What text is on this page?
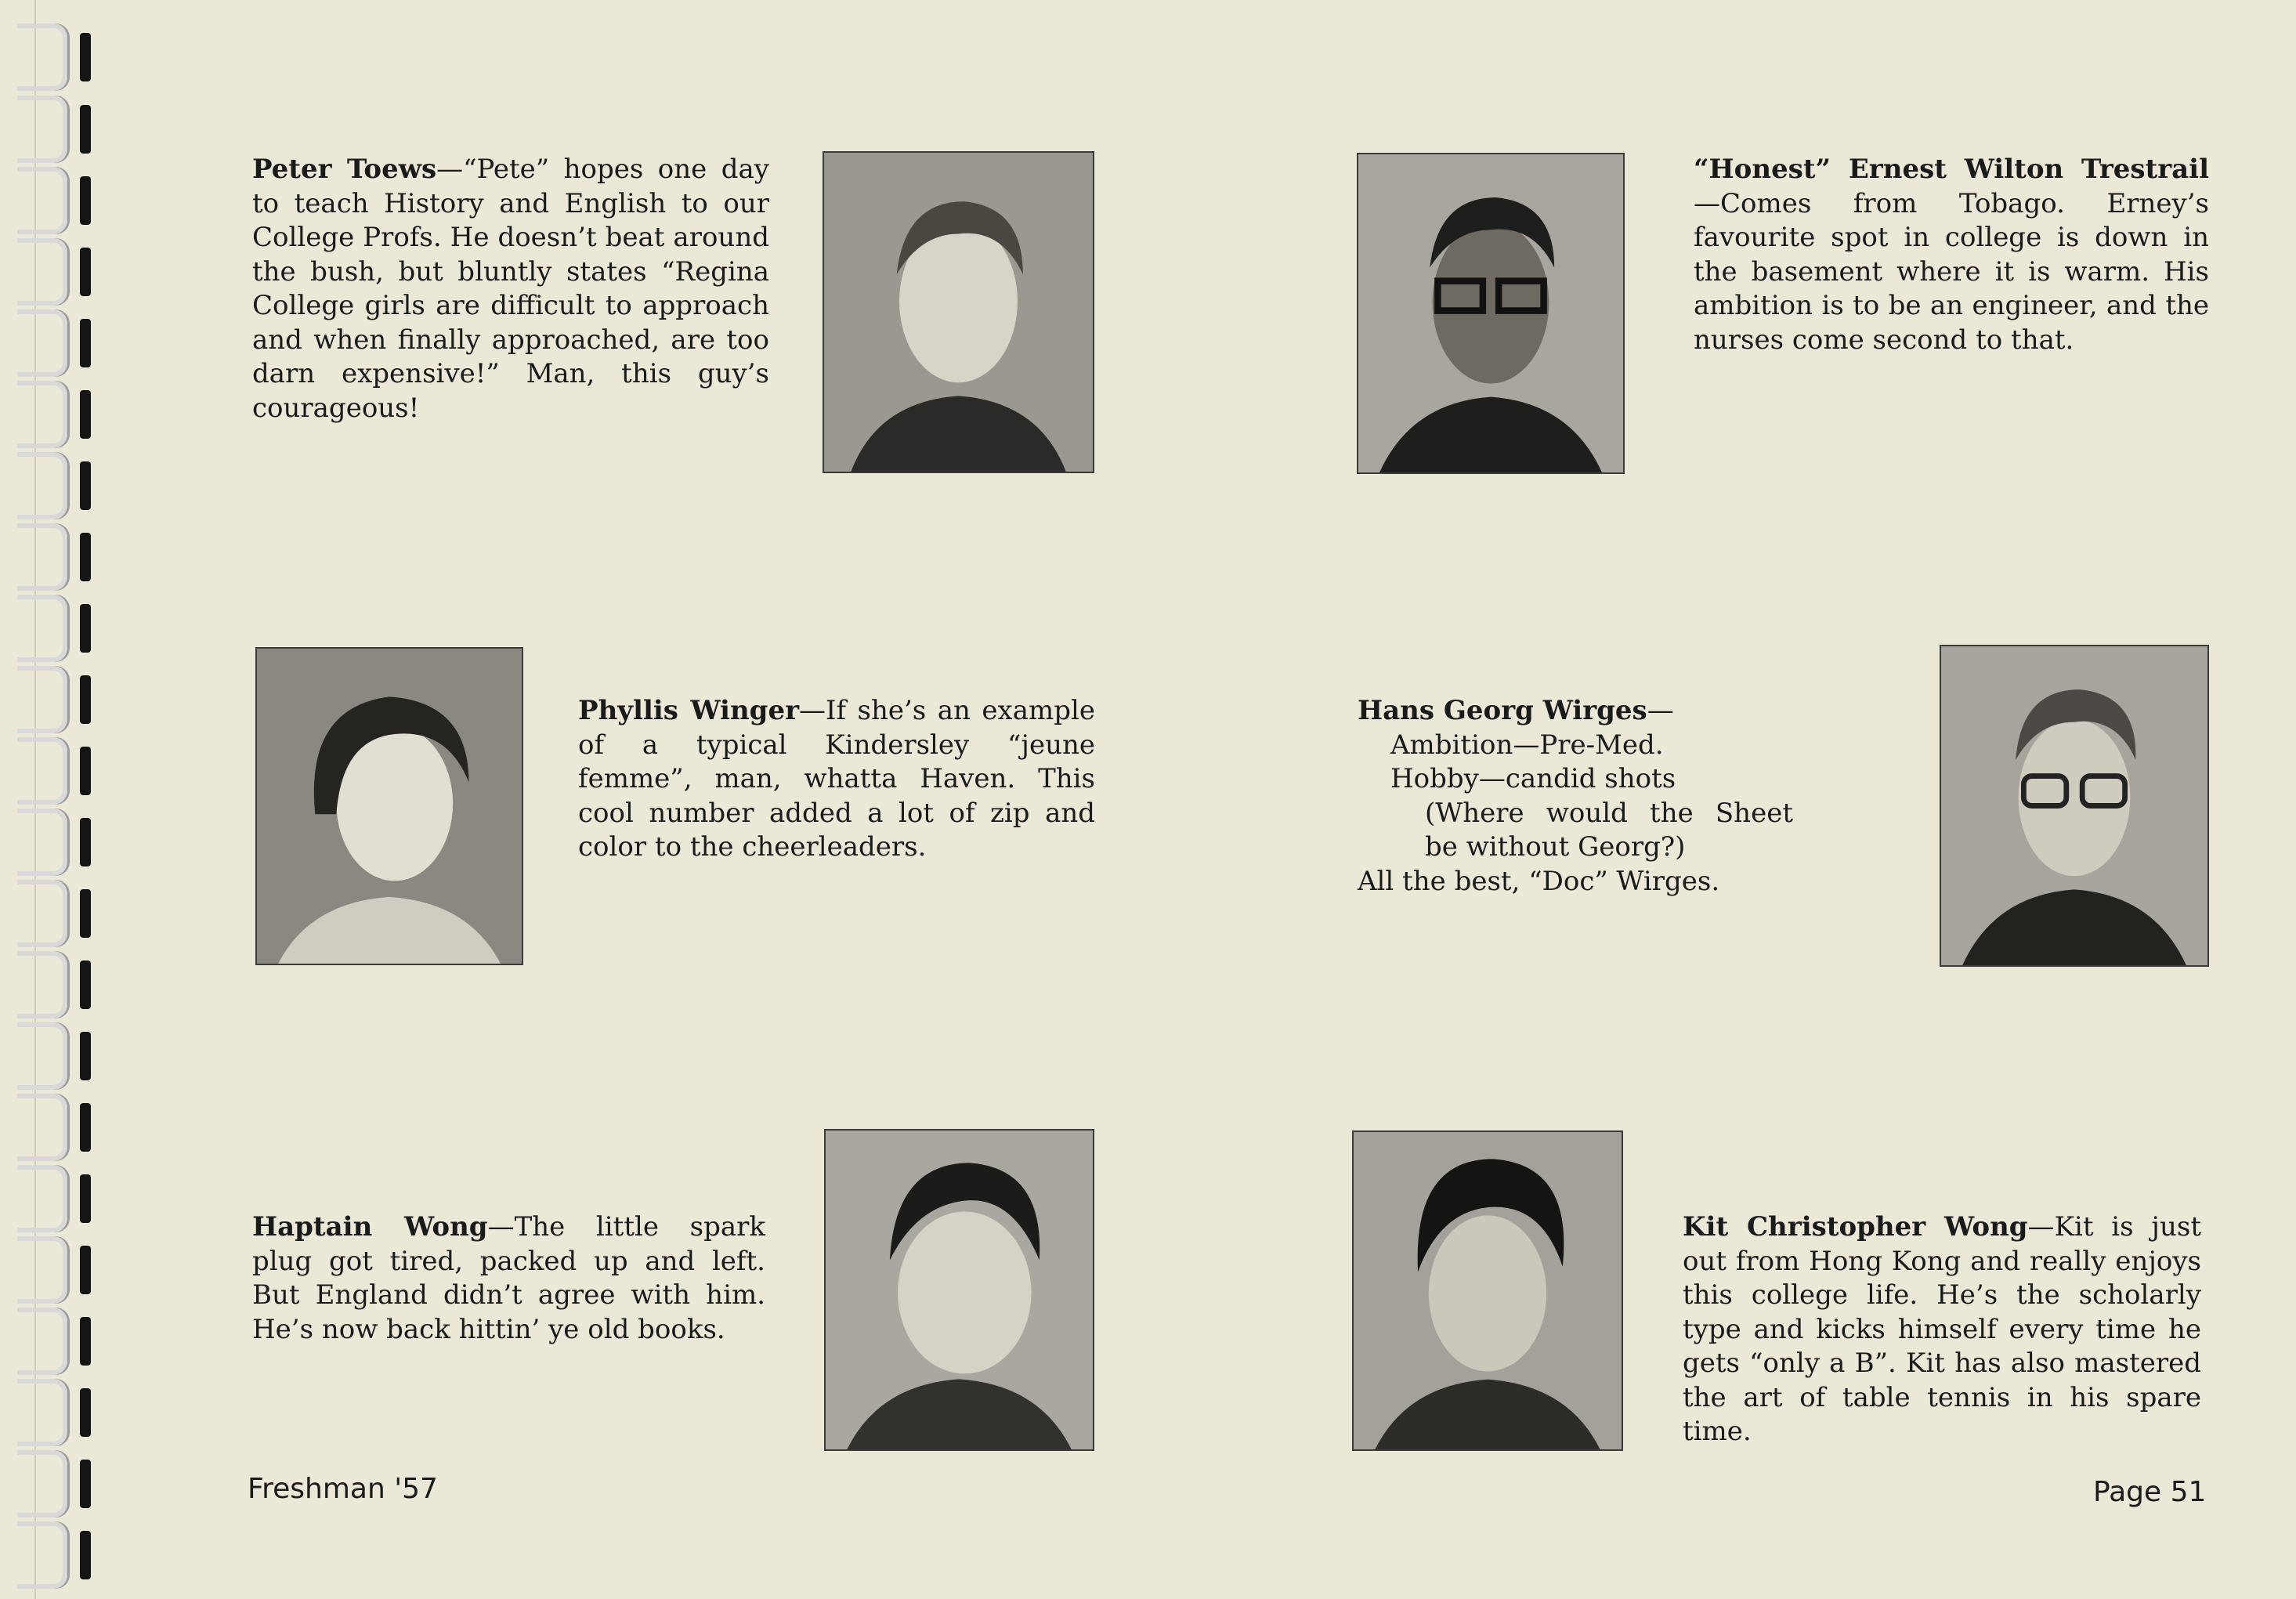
Peter Toews—“Pete” hopes one day to teach History and English to our College Profs. He doesn’t beat around the bush, but bluntly states “Regina College girls are difficult to approach and when finally approached, are too darn expensive!” Man, this guy’s courageous!

“Honest” Ernest Wilton Trestrail—Comes from Tobago. Erney’s favourite spot in college is down in the basement where it is warm. His ambition is to be an engineer, and the nurses come second to that.

Phyllis Winger—If she’s an example of a typical Kindersley “jeune femme”, man, whatta Haven. This cool number added a lot of zip and color to the cheerleaders.

Hans Georg Wirges—
Ambition—Pre-Med.
Hobby—candid shots
(Where would the Sheet be without Georg?)
All the best, “Doc” Wirges.

Haptain Wong—The little spark plug got tired, packed up and left. But England didn’t agree with him. He’s now back hittin’ ye old books.

Kit Christopher Wong—Kit is just out from Hong Kong and really enjoys this college life. He’s the scholarly type and kicks himself every time he gets “only a B”. Kit has also mastered the art of table tennis in his spare time.

Freshman '57	Page 51
